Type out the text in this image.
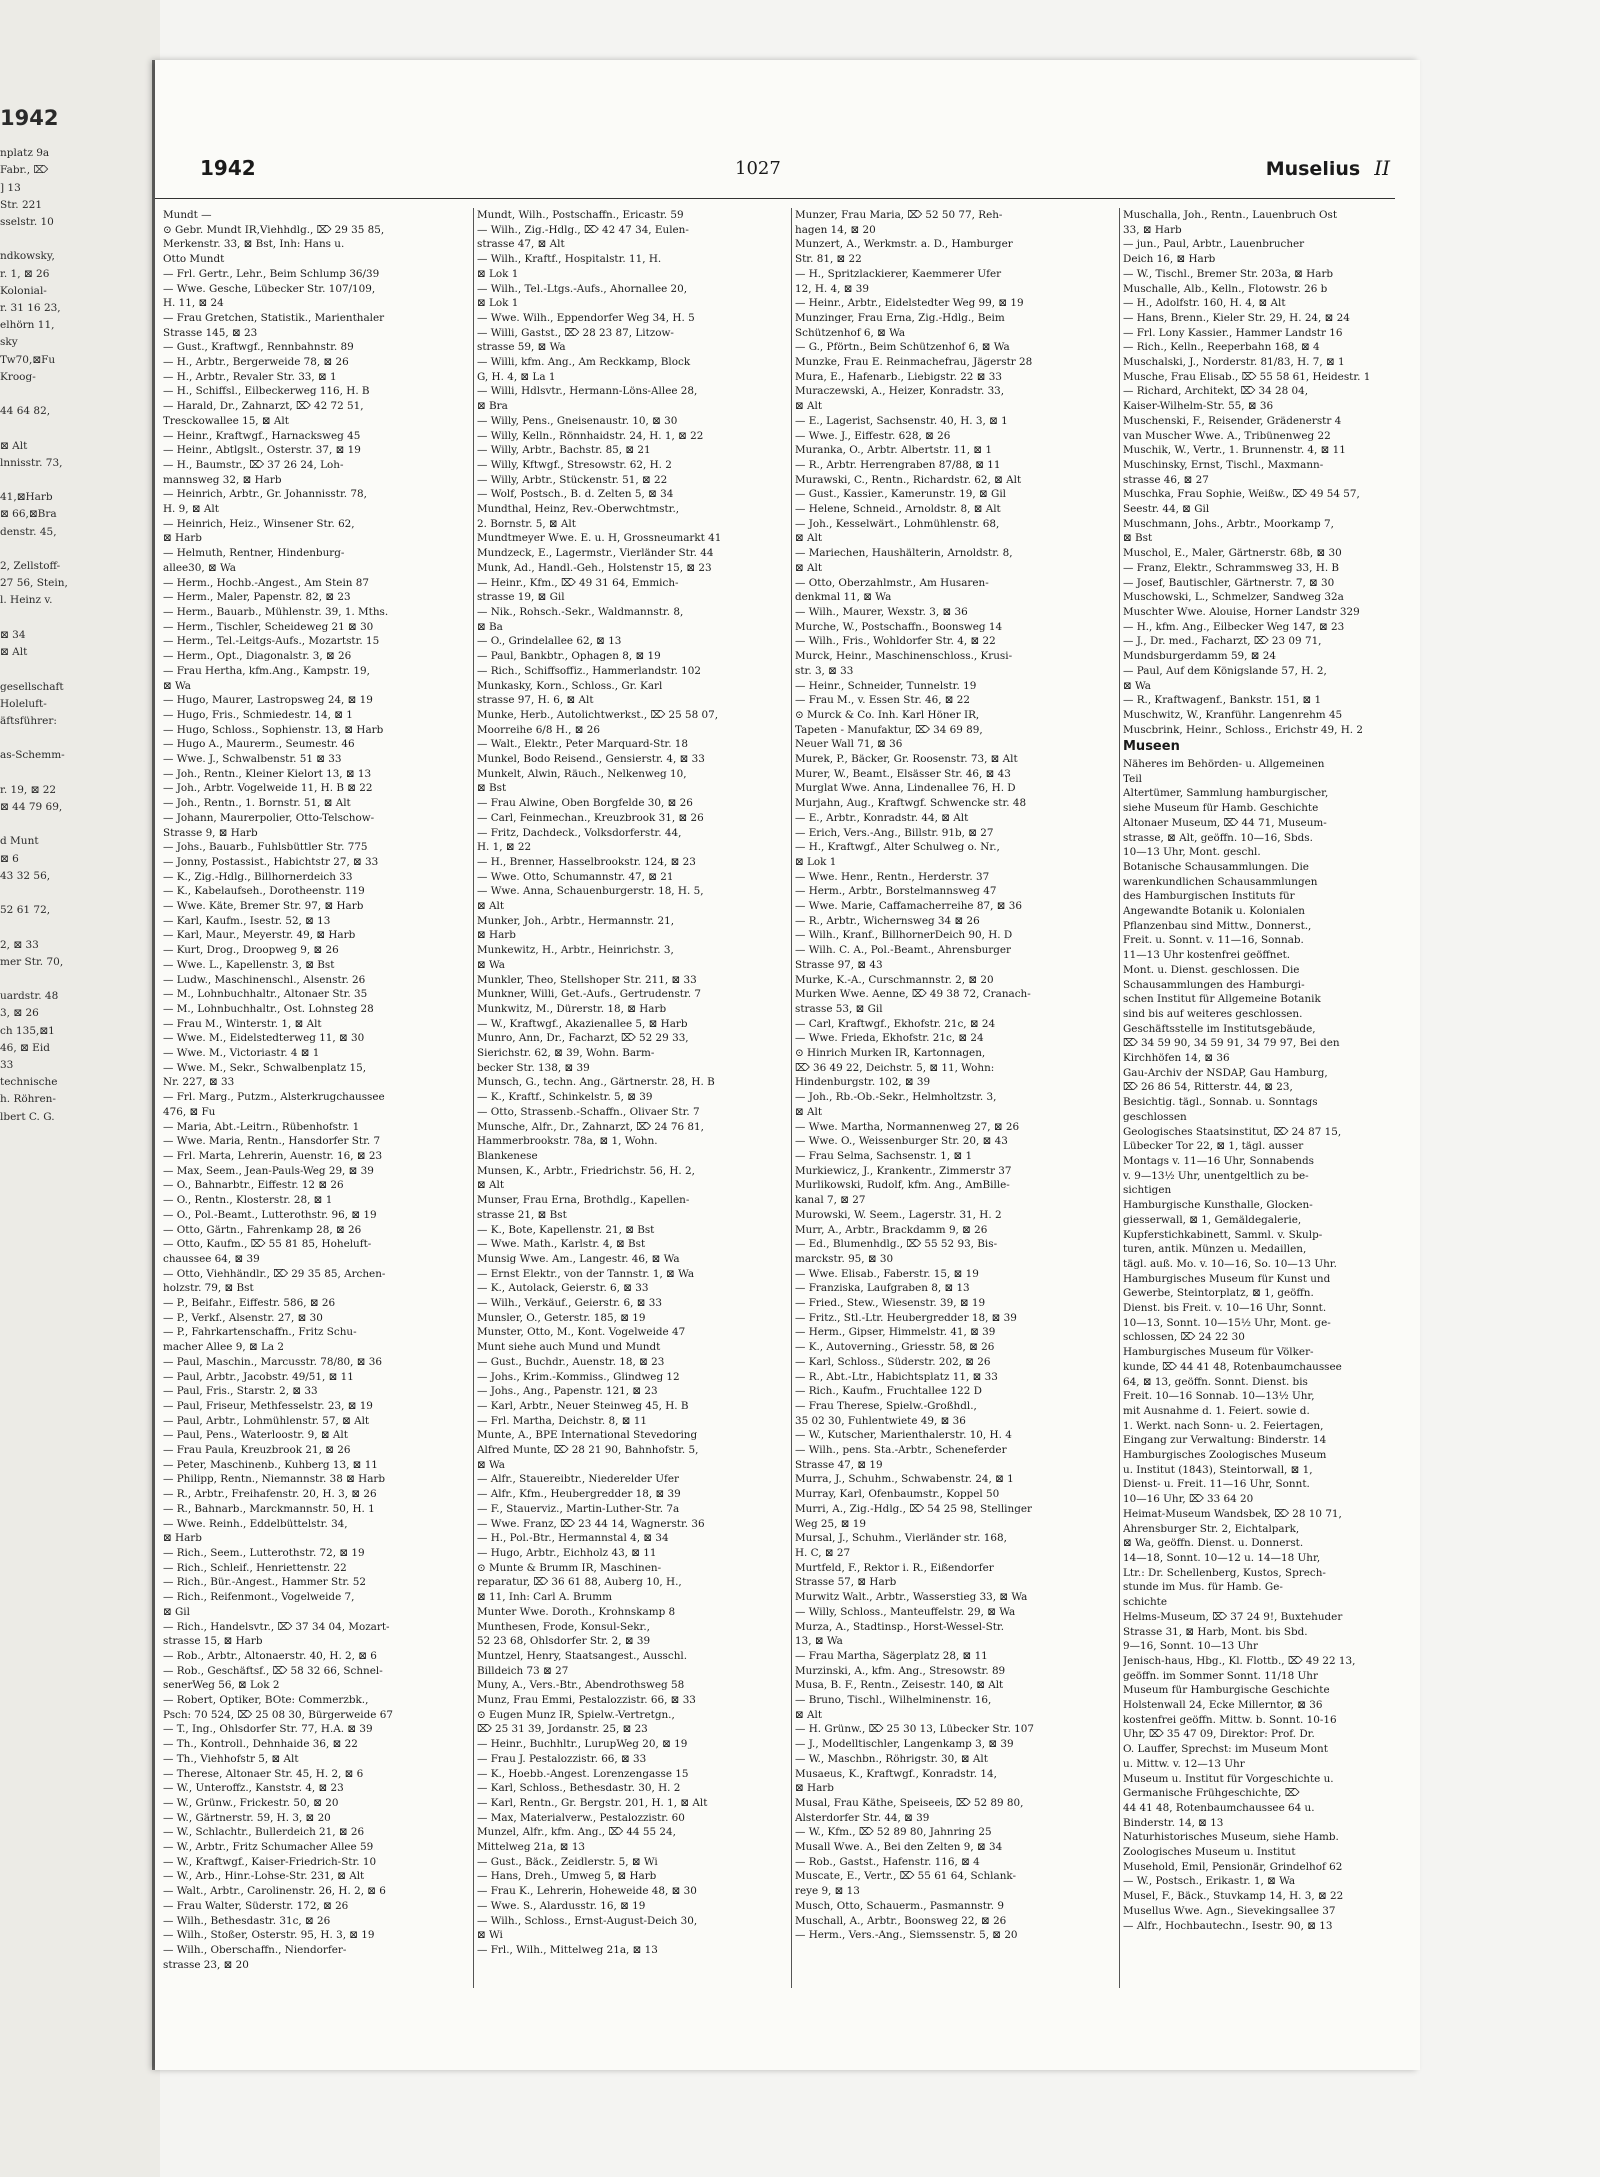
1942
nplatz 9a
Fabr., ⌦
] 13
Str. 221
sselstr. 10

ndkowsky,
r. 1, ⊠ 26
Kolonial-
r. 31 16 23,
elhörn 11,
sky
Tw70,⊠Fu
Kroog-

44 64 82,

⊠ Alt
lnnisstr. 73,

41,⊠Harb
⊠ 66,⊠Bra
denstr. 45,

2, Zellstoff-
27 56, Stein,
l. Heinz v.

⊠ 34
⊠ Alt

gesellschaft
Holeluft-
äftsführer:

as-Schemm-

r. 19, ⊠ 22
⊠ 44 79 69,

d Munt
⊠ 6
43 32 56,

52 61 72,

2, ⊠ 33
mer Str. 70,

uardstr. 48
3, ⊠ 26
ch 135,⊠1
46, ⊠ Eid
33
technische
h. Röhren-
lbert C. G.
1942	1027	Muselius II
Mundt —
⊙ Gebr. Mundt IR,Viehhdlg., ⌦ 29 35 85,
Merkenstr. 33, ⊠ Bst, Inh: Hans u.
Otto Mundt
— Frl. Gertr., Lehr., Beim Schlump 36/39
— Wwe. Gesche, Lübecker Str. 107/109,
H. 11, ⊠ 24
— Frau Gretchen, Statistik., Marienthaler
Strasse 145, ⊠ 23
— Gust., Kraftwgf., Rennbahnstr. 89
— H., Arbtr., Bergerweide 78, ⊠ 26
— H., Arbtr., Revaler Str. 33, ⊠ 1
— H., Schiffsl., Eilbeckerweg 116, H. B
— Harald, Dr., Zahnarzt, ⌦ 42 72 51,
Tresckowallee 15, ⊠ Alt
— Heinr., Kraftwgf., Harnacksweg 45
— Heinr., Abtlgslt., Osterstr. 37, ⊠ 19
— H., Baumstr., ⌦ 37 26 24, Loh-
mannsweg 32, ⊠ Harb
— Heinrich, Arbtr., Gr. Johannisstr. 78,
H. 9, ⊠ Alt
— Heinrich, Heiz., Winsener Str. 62,
⊠ Harb
— Helmuth, Rentner, Hindenburg-
allee30, ⊠ Wa
— Herm., Hochb.-Angest., Am Stein 87
— Herm., Maler, Papenstr. 82, ⊠ 23
— Herm., Bauarb., Mühlenstr. 39, 1. Mths.
— Herm., Tischler, Scheideweg 21 ⊠ 30
— Herm., Tel.-Leitgs-Aufs., Mozartstr. 15
— Herm., Opt., Diagonalstr. 3, ⊠ 26
— Frau Hertha, kfm.Ang., Kampstr. 19,
⊠ Wa
— Hugo, Maurer, Lastropsweg 24, ⊠ 19
— Hugo, Fris., Schmiedestr. 14, ⊠ 1
— Hugo, Schloss., Sophienstr. 13, ⊠ Harb
— Hugo A., Maurerm., Seumestr. 46
— Wwe. J., Schwalbenstr. 51 ⊠ 33
— Joh., Rentn., Kleiner Kielort 13, ⊠ 13
— Joh., Arbtr. Vogelweide 11, H. B ⊠ 22
— Joh., Rentn., 1. Bornstr. 51, ⊠ Alt
— Johann, Maurerpolier, Otto-Telschow-
Strasse 9, ⊠ Harb
— Johs., Bauarb., Fuhlsbüttler Str. 775
— Jonny, Postassist., Habichtstr 27, ⊠ 33
— K., Zig.-Hdlg., Billhornerdeich 33
— K., Kabelaufseh., Dorotheenstr. 119
— Wwe. Käte, Bremer Str. 97, ⊠ Harb
— Karl, Kaufm., Isestr. 52, ⊠ 13
— Karl, Maur., Meyerstr. 49, ⊠ Harb
— Kurt, Drog., Droopweg 9, ⊠ 26
— Wwe. L., Kapellenstr. 3, ⊠ Bst
— Ludw., Maschinenschl., Alsenstr. 26
— M., Lohnbuchhaltr., Altonaer Str. 35
— M., Lohnbuchhaltr., Ost. Lohnsteg 28
— Frau M., Winterstr. 1, ⊠ Alt
— Wwe. M., Eidelstedterweg 11, ⊠ 30
— Wwe. M., Victoriastr. 4 ⊠ 1
— Wwe. M., Sekr., Schwalbenplatz 15,
Nr. 227, ⊠ 33
— Frl. Marg., Putzm., Alsterkrugchaussee
476, ⊠ Fu
— Maria, Abt.-Leitrn., Rübenhofstr. 1
— Wwe. Maria, Rentn., Hansdorfer Str. 7
— Frl. Marta, Lehrerin, Auenstr. 16, ⊠ 23
— Max, Seem., Jean-Pauls-Weg 29, ⊠ 39
— O., Bahnarbtr., Eiffestr. 12 ⊠ 26
— O., Rentn., Klosterstr. 28, ⊠ 1
— O., Pol.-Beamt., Lutterothstr. 96, ⊠ 19
— Otto, Gärtn., Fahrenkamp 28, ⊠ 26
— Otto, Kaufm., ⌦ 55 81 85, Hoheluft-
chaussee 64, ⊠ 39
— Otto, Viehhändlr., ⌦ 29 35 85, Archen-
holzstr. 79, ⊠ Bst
— P., Beifahr., Eiffestr. 586, ⊠ 26
— P., Verkf., Alsenstr. 27, ⊠ 30
— P., Fahrkartenschaffn., Fritz Schu-
macher Allee 9, ⊠ La 2
— Paul, Maschin., Marcusstr. 78/80, ⊠ 36
— Paul, Arbtr., Jacobstr. 49/51, ⊠ 11
— Paul, Fris., Starstr. 2, ⊠ 33
— Paul, Friseur, Methfesselstr. 23, ⊠ 19
— Paul, Arbtr., Lohmühlenstr. 57, ⊠ Alt
— Paul, Pens., Waterloostr. 9, ⊠ Alt
— Frau Paula, Kreuzbrook 21, ⊠ 26
— Peter, Maschinenb., Kuhberg 13, ⊠ 11
— Philipp, Rentn., Niemannstr. 38 ⊠ Harb
— R., Arbtr., Freihafenstr. 20, H. 3, ⊠ 26
— R., Bahnarb., Marckmannstr. 50, H. 1
— Wwe. Reinh., Eddelbüttelstr. 34,
⊠ Harb
— Rich., Seem., Lutterothstr. 72, ⊠ 19
— Rich., Schleif., Henriettenstr. 22
— Rich., Bür.-Angest., Hammer Str. 52
— Rich., Reifenmont., Vogelweide 7,
⊠ Gil
— Rich., Handelsvtr., ⌦ 37 34 04, Mozart-
strasse 15, ⊠ Harb
— Rob., Arbtr., Altonaerstr. 40, H. 2, ⊠ 6
— Rob., Geschäftsf., ⌦ 58 32 66, Schnel-
senerWeg 56, ⊠ Lok 2
— Robert, Optiker, BOte: Commerzbk.,
Psch: 70 524, ⌦ 25 08 30, Bürgerweide 67
— T., Ing., Ohlsdorfer Str. 77, H.A. ⊠ 39
— Th., Kontroll., Dehnhaide 36, ⊠ 22
— Th., Viehhofstr 5, ⊠ Alt
— Therese, Altonaer Str. 45, H. 2, ⊠ 6
— W., Unteroffz., Kanststr. 4, ⊠ 23
— W., Grünw., Frickestr. 50, ⊠ 20
— W., Gärtnerstr. 59, H. 3, ⊠ 20
— W., Schlachtr., Bullerdeich 21, ⊠ 26
— W., Arbtr., Fritz Schumacher Allee 59
— W., Kraftwgf., Kaiser-Friedrich-Str. 10
— W., Arb., Hinr.-Lohse-Str. 231, ⊠ Alt
— Walt., Arbtr., Carolinenstr. 26, H. 2, ⊠ 6
— Frau Walter, Süderstr. 172, ⊠ 26
— Wilh., Bethesdastr. 31c, ⊠ 26
— Wilh., Stoßer, Osterstr. 95, H. 3, ⊠ 19
— Wilh., Oberschaffn., Niendorfer-
strasse 23, ⊠ 20
Mundt, Wilh., Postschaffn., Ericastr. 59
— Wilh., Zig.-Hdlg., ⌦ 42 47 34, Eulen-
strasse 47, ⊠ Alt
— Wilh., Kraftf., Hospitalstr. 11, H.
⊠ Lok 1
— Wilh., Tel.-Ltgs.-Aufs., Ahornallee 20,
⊠ Lok 1
— Wwe. Wilh., Eppendorfer Weg 34, H. 5
— Willi, Gastst., ⌦ 28 23 87, Litzow-
strasse 59, ⊠ Wa
— Willi, kfm. Ang., Am Reckkamp, Block
G, H. 4, ⊠ La 1
— Willi, Hdlsvtr., Hermann-Löns-Allee 28,
⊠ Bra
— Willy, Pens., Gneisenaustr. 10, ⊠ 30
— Willy, Kelln., Rönnhaidstr. 24, H. 1, ⊠ 22
— Willy, Arbtr., Bachstr. 85, ⊠ 21
— Willy, Kftwgf., Stresowstr. 62, H. 2
— Willy, Arbtr., Stückenstr. 51, ⊠ 22
— Wolf, Postsch., B. d. Zelten 5, ⊠ 34
Mundthal, Heinz, Rev.-Oberwchtmstr.,
2. Bornstr. 5, ⊠ Alt
Mundtmeyer Wwe. E. u. H, Grossneumarkt 41
Mundzeck, E., Lagermstr., Vierländer Str. 44
Munk, Ad., Handl.-Geh., Holstenstr 15, ⊠ 23
— Heinr., Kfm., ⌦ 49 31 64, Emmich-
strasse 19, ⊠ Gil
— Nik., Rohsch.-Sekr., Waldmannstr. 8,
⊠ Ba
— O., Grindelallee 62, ⊠ 13
— Paul, Bankbtr., Ophagen 8, ⊠ 19
— Rich., Schiffsoffiz., Hammerlandstr. 102
Munkasky, Korn., Schloss., Gr. Karl
strasse 97, H. 6, ⊠ Alt
Munke, Herb., Autolichtwerkst., ⌦ 25 58 07,
Moorreihe 6/8 H., ⊠ 26
— Walt., Elektr., Peter Marquard-Str. 18
Munkel, Bodo Reisend., Gensierstr. 4, ⊠ 33
Munkelt, Alwin, Räuch., Nelkenweg 10,
⊠ Bst
— Frau Alwine, Oben Borgfelde 30, ⊠ 26
— Carl, Feinmechan., Kreuzbrook 31, ⊠ 26
— Fritz, Dachdeck., Volksdorferstr. 44,
H. 1, ⊠ 22
— H., Brenner, Hasselbrookstr. 124, ⊠ 23
— Wwe. Otto, Schumannstr. 47, ⊠ 21
— Wwe. Anna, Schauenburgerstr. 18, H. 5,
⊠ Alt
Munker, Joh., Arbtr., Hermannstr. 21,
⊠ Harb
Munkewitz, H., Arbtr., Heinrichstr. 3,
⊠ Wa
Munkler, Theo, Stellshoper Str. 211, ⊠ 33
Munkner, Willi, Get.-Aufs., Gertrudenstr. 7
Munkwitz, M., Dürerstr. 18, ⊠ Harb
— W., Kraftwgf., Akazienallee 5, ⊠ Harb
Munro, Ann, Dr., Facharzt, ⌦ 52 29 33,
Sierichstr. 62, ⊠ 39, Wohn. Barm-
becker Str. 138, ⊠ 39
Munsch, G., techn. Ang., Gärtnerstr. 28, H. B
— K., Kraftf., Schinkelstr. 5, ⊠ 39
— Otto, Strassenb.-Schaffn., Olivaer Str. 7
Munsche, Alfr., Dr., Zahnarzt, ⌦ 24 76 81,
Hammerbrookstr. 78a, ⊠ 1, Wohn.
Blankenese
Munsen, K., Arbtr., Friedrichstr. 56, H. 2,
⊠ Alt
Munser, Frau Erna, Brothdlg., Kapellen-
strasse 21, ⊠ Bst
— K., Bote, Kapellenstr. 21, ⊠ Bst
— Wwe. Math., Karlstr. 4, ⊠ Bst
Munsig Wwe. Am., Langestr. 46, ⊠ Wa
— Ernst Elektr., von der Tannstr. 1, ⊠ Wa
— K., Autolack, Geierstr. 6, ⊠ 33
— Wilh., Verkäuf., Geierstr. 6, ⊠ 33
Munsler, O., Geterstr. 185, ⊠ 19
Munster, Otto, M., Kont. Vogelweide 47
Munt siehe auch Mund und Mundt
— Gust., Buchdr., Auenstr. 18, ⊠ 23
— Johs., Krim.-Kommiss., Glindweg 12
— Johs., Ang., Papenstr. 121, ⊠ 23
— Karl, Arbtr., Neuer Steinweg 45, H. B
— Frl. Martha, Deichstr. 8, ⊠ 11
Munte, A., BPE International Stevedoring
Alfred Munte, ⌦ 28 21 90, Bahnhofstr. 5,
⊠ Wa
— Alfr., Stauereibtr., Niederelder Ufer
— Alfr., Kfm., Heubergredder 18, ⊠ 39
— F., Stauerviz., Martin-Luther-Str. 7a
— Wwe. Franz, ⌦ 23 44 14, Wagnerstr. 36
— H., Pol.-Btr., Hermannstal 4, ⊠ 34
— Hugo, Arbtr., Eichholz 43, ⊠ 11
⊙ Munte & Brumm IR, Maschinen-
reparatur, ⌦ 36 61 88, Auberg 10, H.,
⊠ 11, Inh: Carl A. Brumm
Munter Wwe. Doroth., Krohnskamp 8
Munthesen, Frode, Konsul-Sekr.,
52 23 68, Ohlsdorfer Str. 2, ⊠ 39
Muntzel, Henry, Staatsangest., Ausschl.
Billdeich 73 ⊠ 27
Muny, A., Vers.-Btr., Abendrothsweg 58
Munz, Frau Emmi, Pestalozzistr. 66, ⊠ 33
⊙ Eugen Munz IR, Spielw.-Vertretgn.,
⌦ 25 31 39, Jordanstr. 25, ⊠ 23
— Heinr., Buchhltr., LurupWeg 20, ⊠ 19
— Frau J. Pestalozzistr. 66, ⊠ 33
— K., Hoebb.-Angest. Lorenzengasse 15
— Karl, Schloss., Bethesdastr. 30, H. 2
— Karl, Rentn., Gr. Bergstr. 201, H. 1, ⊠ Alt
— Max, Materialverw., Pestalozzistr. 60
Munzel, Alfr., kfm. Ang., ⌦ 44 55 24,
Mittelweg 21a, ⊠ 13
— Gust., Bäck., Zeidlerstr. 5, ⊠ Wi
— Hans, Dreh., Umweg 5, ⊠ Harb
— Frau K., Lehrerin, Hoheweide 48, ⊠ 30
— Wwe. S., Alardusstr. 16, ⊠ 19
— Wilh., Schloss., Ernst-August-Deich 30,
⊠ Wi
— Frl., Wilh., Mittelweg 21a, ⊠ 13
Munzer, Frau Maria, ⌦ 52 50 77, Reh-
hagen 14, ⊠ 20
Munzert, A., Werkmstr. a. D., Hamburger
Str. 81, ⊠ 22
— H., Spritzlackierer, Kaemmerer Ufer
12, H. 4, ⊠ 39
— Heinr., Arbtr., Eidelstedter Weg 99, ⊠ 19
Munzinger, Frau Erna, Zig.-Hdlg., Beim
Schützenhof 6, ⊠ Wa
— G., Pförtn., Beim Schützenhof 6, ⊠ Wa
Munzke, Frau E. Reinmachefrau, Jägerstr 28
Mura, E., Hafenarb., Liebigstr. 22 ⊠ 33
Muraczewski, A., Heizer, Konradstr. 33,
⊠ Alt
— E., Lagerist, Sachsenstr. 40, H. 3, ⊠ 1
— Wwe. J., Eiffestr. 628, ⊠ 26
Muranka, O., Arbtr. Albertstr. 11, ⊠ 1
— R., Arbtr. Herrengraben 87/88, ⊠ 11
Murawski, C., Rentn., Richardstr. 62, ⊠ Alt
— Gust., Kassier., Kamerunstr. 19, ⊠ Gil
— Helene, Schneid., Arnoldstr. 8, ⊠ Alt
— Joh., Kesselwärt., Lohmühlenstr. 68,
⊠ Alt
— Mariechen, Haushälterin, Arnoldstr. 8,
⊠ Alt
— Otto, Oberzahlmstr., Am Husaren-
denkmal 11, ⊠ Wa
— Wilh., Maurer, Wexstr. 3, ⊠ 36
Murche, W., Postschaffn., Boonsweg 14
— Wilh., Fris., Wohldorfer Str. 4, ⊠ 22
Murck, Heinr., Maschinenschloss., Krusi-
str. 3, ⊠ 33
— Heinr., Schneider, Tunnelstr. 19
— Frau M., v. Essen Str. 46, ⊠ 22
⊙ Murck & Co. Inh. Karl Höner IR,
Tapeten - Manufaktur, ⌦ 34 69 89,
Neuer Wall 71, ⊠ 36
Murek, P., Bäcker, Gr. Roosenstr. 73, ⊠ Alt
Murer, W., Beamt., Elsässer Str. 46, ⊠ 43
Murglat Wwe. Anna, Lindenallee 76, H. D
Murjahn, Aug., Kraftwgf. Schwencke str. 48
— E., Arbtr., Konradstr. 44, ⊠ Alt
— Erich, Vers.-Ang., Billstr. 91b, ⊠ 27
— H., Kraftwgf., Alter Schulweg o. Nr.,
⊠ Lok 1
— Wwe. Henr., Rentn., Herderstr. 37
— Herm., Arbtr., Borstelmannsweg 47
— Wwe. Marie, Caffamacherreihe 87, ⊠ 36
— R., Arbtr., Wichernsweg 34 ⊠ 26
— Wilh., Kranf., BillhornerDeich 90, H. D
— Wilh. C. A., Pol.-Beamt., Ahrensburger
Strasse 97, ⊠ 43
Murke, K.-A., Curschmannstr. 2, ⊠ 20
Murken Wwe. Aenne, ⌦ 49 38 72, Cranach-
strasse 53, ⊠ Gil
— Carl, Kraftwgf., Ekhofstr. 21c, ⊠ 24
— Wwe. Frieda, Ekhofstr. 21c, ⊠ 24
⊙ Hinrich Murken IR, Kartonnagen,
⌦ 36 49 22, Deichstr. 5, ⊠ 11, Wohn:
Hindenburgstr. 102, ⊠ 39
— Joh., Rb.-Ob.-Sekr., Helmholtzstr. 3,
⊠ Alt
— Wwe. Martha, Normannenweg 27, ⊠ 26
— Wwe. O., Weissenburger Str. 20, ⊠ 43
— Frau Selma, Sachsenstr. 1, ⊠ 1
Murkiewicz, J., Krankentr., Zimmerstr 37
Murlikowski, Rudolf, kfm. Ang., AmBille-
kanal 7, ⊠ 27
Murowski, W. Seem., Lagerstr. 31, H. 2
Murr, A., Arbtr., Brackdamm 9, ⊠ 26
— Ed., Blumenhdlg., ⌦ 55 52 93, Bis-
marckstr. 95, ⊠ 30
— Wwe. Elisab., Faberstr. 15, ⊠ 19
— Franziska, Laufgraben 8, ⊠ 13
— Fried., Stew., Wiesenstr. 39, ⊠ 19
— Fritz., Stl.-Ltr. Heubergredder 18, ⊠ 39
— Herm., Gipser, Himmelstr. 41, ⊠ 39
— K., Autoverning., Griesstr. 58, ⊠ 26
— Karl, Schloss., Süderstr. 202, ⊠ 26
— R., Abt.-Ltr., Habichtsplatz 11, ⊠ 33
— Rich., Kaufm., Fruchtallee 122 D
— Frau Therese, Spielw.-Großhdl.,
35 02 30, Fuhlentwiete 49, ⊠ 36
— W., Kutscher, Marienthalerstr. 10, H. 4
— Wilh., pens. Sta.-Arbtr., Scheneferder
Strasse 47, ⊠ 19
Murra, J., Schuhm., Schwabenstr. 24, ⊠ 1
Murray, Karl, Ofenbaumstr., Koppel 50
Murri, A., Zig.-Hdlg., ⌦ 54 25 98, Stellinger
Weg 25, ⊠ 19
Mursal, J., Schuhm., Vierländer str. 168,
H. C, ⊠ 27
Murtfeld, F., Rektor i. R., Eißendorfer
Strasse 57, ⊠ Harb
Murwitz Walt., Arbtr., Wasserstieg 33, ⊠ Wa
— Willy, Schloss., Manteuffelstr. 29, ⊠ Wa
Murza, A., Stadtinsp., Horst-Wessel-Str.
13, ⊠ Wa
— Frau Martha, Sägerplatz 28, ⊠ 11
Murzinski, A., kfm. Ang., Stresowstr. 89
Musa, B. F., Rentn., Zeisestr. 140, ⊠ Alt
— Bruno, Tischl., Wilhelminenstr. 16,
⊠ Alt
— H. Grünw., ⌦ 25 30 13, Lübecker Str. 107
— J., Modelltischler, Langenkamp 3, ⊠ 39
— W., Maschbn., Röhrigstr. 30, ⊠ Alt
Musaeus, K., Kraftwgf., Konradstr. 14,
⊠ Harb
Musal, Frau Käthe, Speiseeis, ⌦ 52 89 80,
Alsterdorfer Str. 44, ⊠ 39
— W., Kfm., ⌦ 52 89 80, Jahnring 25
Musall Wwe. A., Bei den Zelten 9, ⊠ 34
— Rob., Gastst., Hafenstr. 116, ⊠ 4
Muscate, E., Vertr., ⌦ 55 61 64, Schlank-
reye 9, ⊠ 13
Musch, Otto, Schauerm., Pasmannstr. 9
Muschall, A., Arbtr., Boonsweg 22, ⊠ 26
— Herm., Vers.-Ang., Siemssenstr. 5, ⊠ 20
Muschalla, Joh., Rentn., Lauenbruch Ost
33, ⊠ Harb
— jun., Paul, Arbtr., Lauenbrucher
Deich 16, ⊠ Harb
— W., Tischl., Bremer Str. 203a, ⊠ Harb
Muschalle, Alb., Kelln., Flotowstr. 26 b
— H., Adolfstr. 160, H. 4, ⊠ Alt
— Hans, Brenn., Kieler Str. 29, H. 24, ⊠ 24
— Frl. Lony Kassier., Hammer Landstr 16
— Rich., Kelln., Reeperbahn 168, ⊠ 4
Muschalski, J., Norderstr. 81/83, H. 7, ⊠ 1
Musche, Frau Elisab., ⌦ 55 58 61, Heidestr. 1
— Richard, Architekt, ⌦ 34 28 04,
Kaiser-Wilhelm-Str. 55, ⊠ 36
Muschenski, F., Reisender, Grädenerstr 4
van Muscher Wwe. A., Tribünenweg 22
Muschik, W., Vertr., 1. Brunnenstr. 4, ⊠ 11
Muschinsky, Ernst, Tischl., Maxmann-
strasse 46, ⊠ 27
Muschka, Frau Sophie, Weißw., ⌦ 49 54 57,
Seestr. 44, ⊠ Gil
Muschmann, Johs., Arbtr., Moorkamp 7,
⊠ Bst
Muschol, E., Maler, Gärtnerstr. 68b, ⊠ 30
— Franz, Elektr., Schrammsweg 33, H. B
— Josef, Bautischler, Gärtnerstr. 7, ⊠ 30
Muschowski, L., Schmelzer, Sandweg 32a
Muschter Wwe. Alouise, Horner Landstr 329
— H., kfm. Ang., Eilbecker Weg 147, ⊠ 23
— J., Dr. med., Facharzt, ⌦ 23 09 71,
Mundsburgerdamm 59, ⊠ 24
— Paul, Auf dem Königslande 57, H. 2,
⊠ Wa
— R., Kraftwagenf., Bankstr. 151, ⊠ 1
Muschwitz, W., Kranführ. Langenrehm 45
Muscbrink, Heinr., Schloss., Erichstr 49, H. 2
Museen
Näheres im Behörden- u. Allgemeinen
Teil
Altertümer, Sammlung hamburgischer,
siehe Museum für Hamb. Geschichte
Altonaer Museum, ⌦ 44 71, Museum-
strasse, ⊠ Alt, geöffn. 10—16, Sbds.
10—13 Uhr, Mont. geschl.
Botanische Schausammlungen. Die
warenkundlichen Schausammlungen
des Hamburgischen Instituts für
Angewandte Botanik u. Kolonialen
Pflanzenbau sind Mittw., Donnerst.,
Freit. u. Sonnt. v. 11—16, Sonnab.
11—13 Uhr kostenfrei geöffnet.
Mont. u. Dienst. geschlossen. Die
Schausammlungen des Hamburgi-
schen Institut für Allgemeine Botanik
sind bis auf weiteres geschlossen.
Geschäftsstelle im Institutsgebäude,
⌦ 34 59 90, 34 59 91, 34 79 97, Bei den
Kirchhöfen 14, ⊠ 36
Gau-Archiv der NSDAP, Gau Hamburg,
⌦ 26 86 54, Ritterstr. 44, ⊠ 23,
Besichtig. tägl., Sonnab. u. Sonntags
geschlossen
Geologisches Staatsinstitut, ⌦ 24 87 15,
Lübecker Tor 22, ⊠ 1, tägl. ausser
Montags v. 11—16 Uhr, Sonnabends
v. 9—13½ Uhr, unentgeltlich zu be-
sichtigen
Hamburgische Kunsthalle, Glocken-
giesserwall, ⊠ 1, Gemäldegalerie,
Kupferstichkabinett, Samml. v. Skulp-
turen, antik. Münzen u. Medaillen,
tägl. auß. Mo. v. 10—16, So. 10—13 Uhr.
Hamburgisches Museum für Kunst und
Gewerbe, Steintorplatz, ⊠ 1, geöffn.
Dienst. bis Freit. v. 10—16 Uhr, Sonnt.
10—13, Sonnt. 10—15½ Uhr, Mont. ge-
schlossen, ⌦ 24 22 30
Hamburgisches Museum für Völker-
kunde, ⌦ 44 41 48, Rotenbaumchaussee
64, ⊠ 13, geöffn. Sonnt. Dienst. bis
Freit. 10—16 Sonnab. 10—13½ Uhr,
mit Ausnahme d. 1. Feiert. sowie d.
1. Werkt. nach Sonn- u. 2. Feiertagen,
Eingang zur Verwaltung: Binderstr. 14
Hamburgisches Zoologisches Museum
u. Institut (1843), Steintorwall, ⊠ 1,
Dienst- u. Freit. 11—16 Uhr, Sonnt.
10—16 Uhr, ⌦ 33 64 20
Heimat-Museum Wandsbek, ⌦ 28 10 71,
Ahrensburger Str. 2, Eichtalpark,
⊠ Wa, geöffn. Dienst. u. Donnerst.
14—18, Sonnt. 10—12 u. 14—18 Uhr,
Ltr.: Dr. Schellenberg, Kustos, Sprech-
stunde im Mus. für Hamb. Ge-
schichte
Helms-Museum, ⌦ 37 24 9!, Buxtehuder
Strasse 31, ⊠ Harb, Mont. bis Sbd.
9—16, Sonnt. 10—13 Uhr
Jenisch-haus, Hbg., Kl. Flottb., ⌦ 49 22 13,
geöffn. im Sommer Sonnt. 11/18 Uhr
Museum für Hamburgische Geschichte
Holstenwall 24, Ecke Millerntor, ⊠ 36
kostenfrei geöffn. Mittw. b. Sonnt. 10-16
Uhr, ⌦ 35 47 09, Direktor: Prof. Dr.
O. Lauffer, Sprechst: im Museum Mont
u. Mittw. v. 12—13 Uhr
Museum u. Institut für Vorgeschichte u.
Germanische Frühgeschichte, ⌦
44 41 48, Rotenbaumchaussee 64 u.
Binderstr. 14, ⊠ 13
Naturhistorisches Museum, siehe Hamb.
Zoologisches Museum u. Institut
Musehold, Emil, Pensionär, Grindelhof 62
— W., Postsch., Erikastr. 1, ⊠ Wa
Musel, F., Bäck., Stuvkamp 14, H. 3, ⊠ 22
Musellus Wwe. Agn., Sievekingsallee 37
— Alfr., Hochbautechn., Isestr. 90, ⊠ 13
